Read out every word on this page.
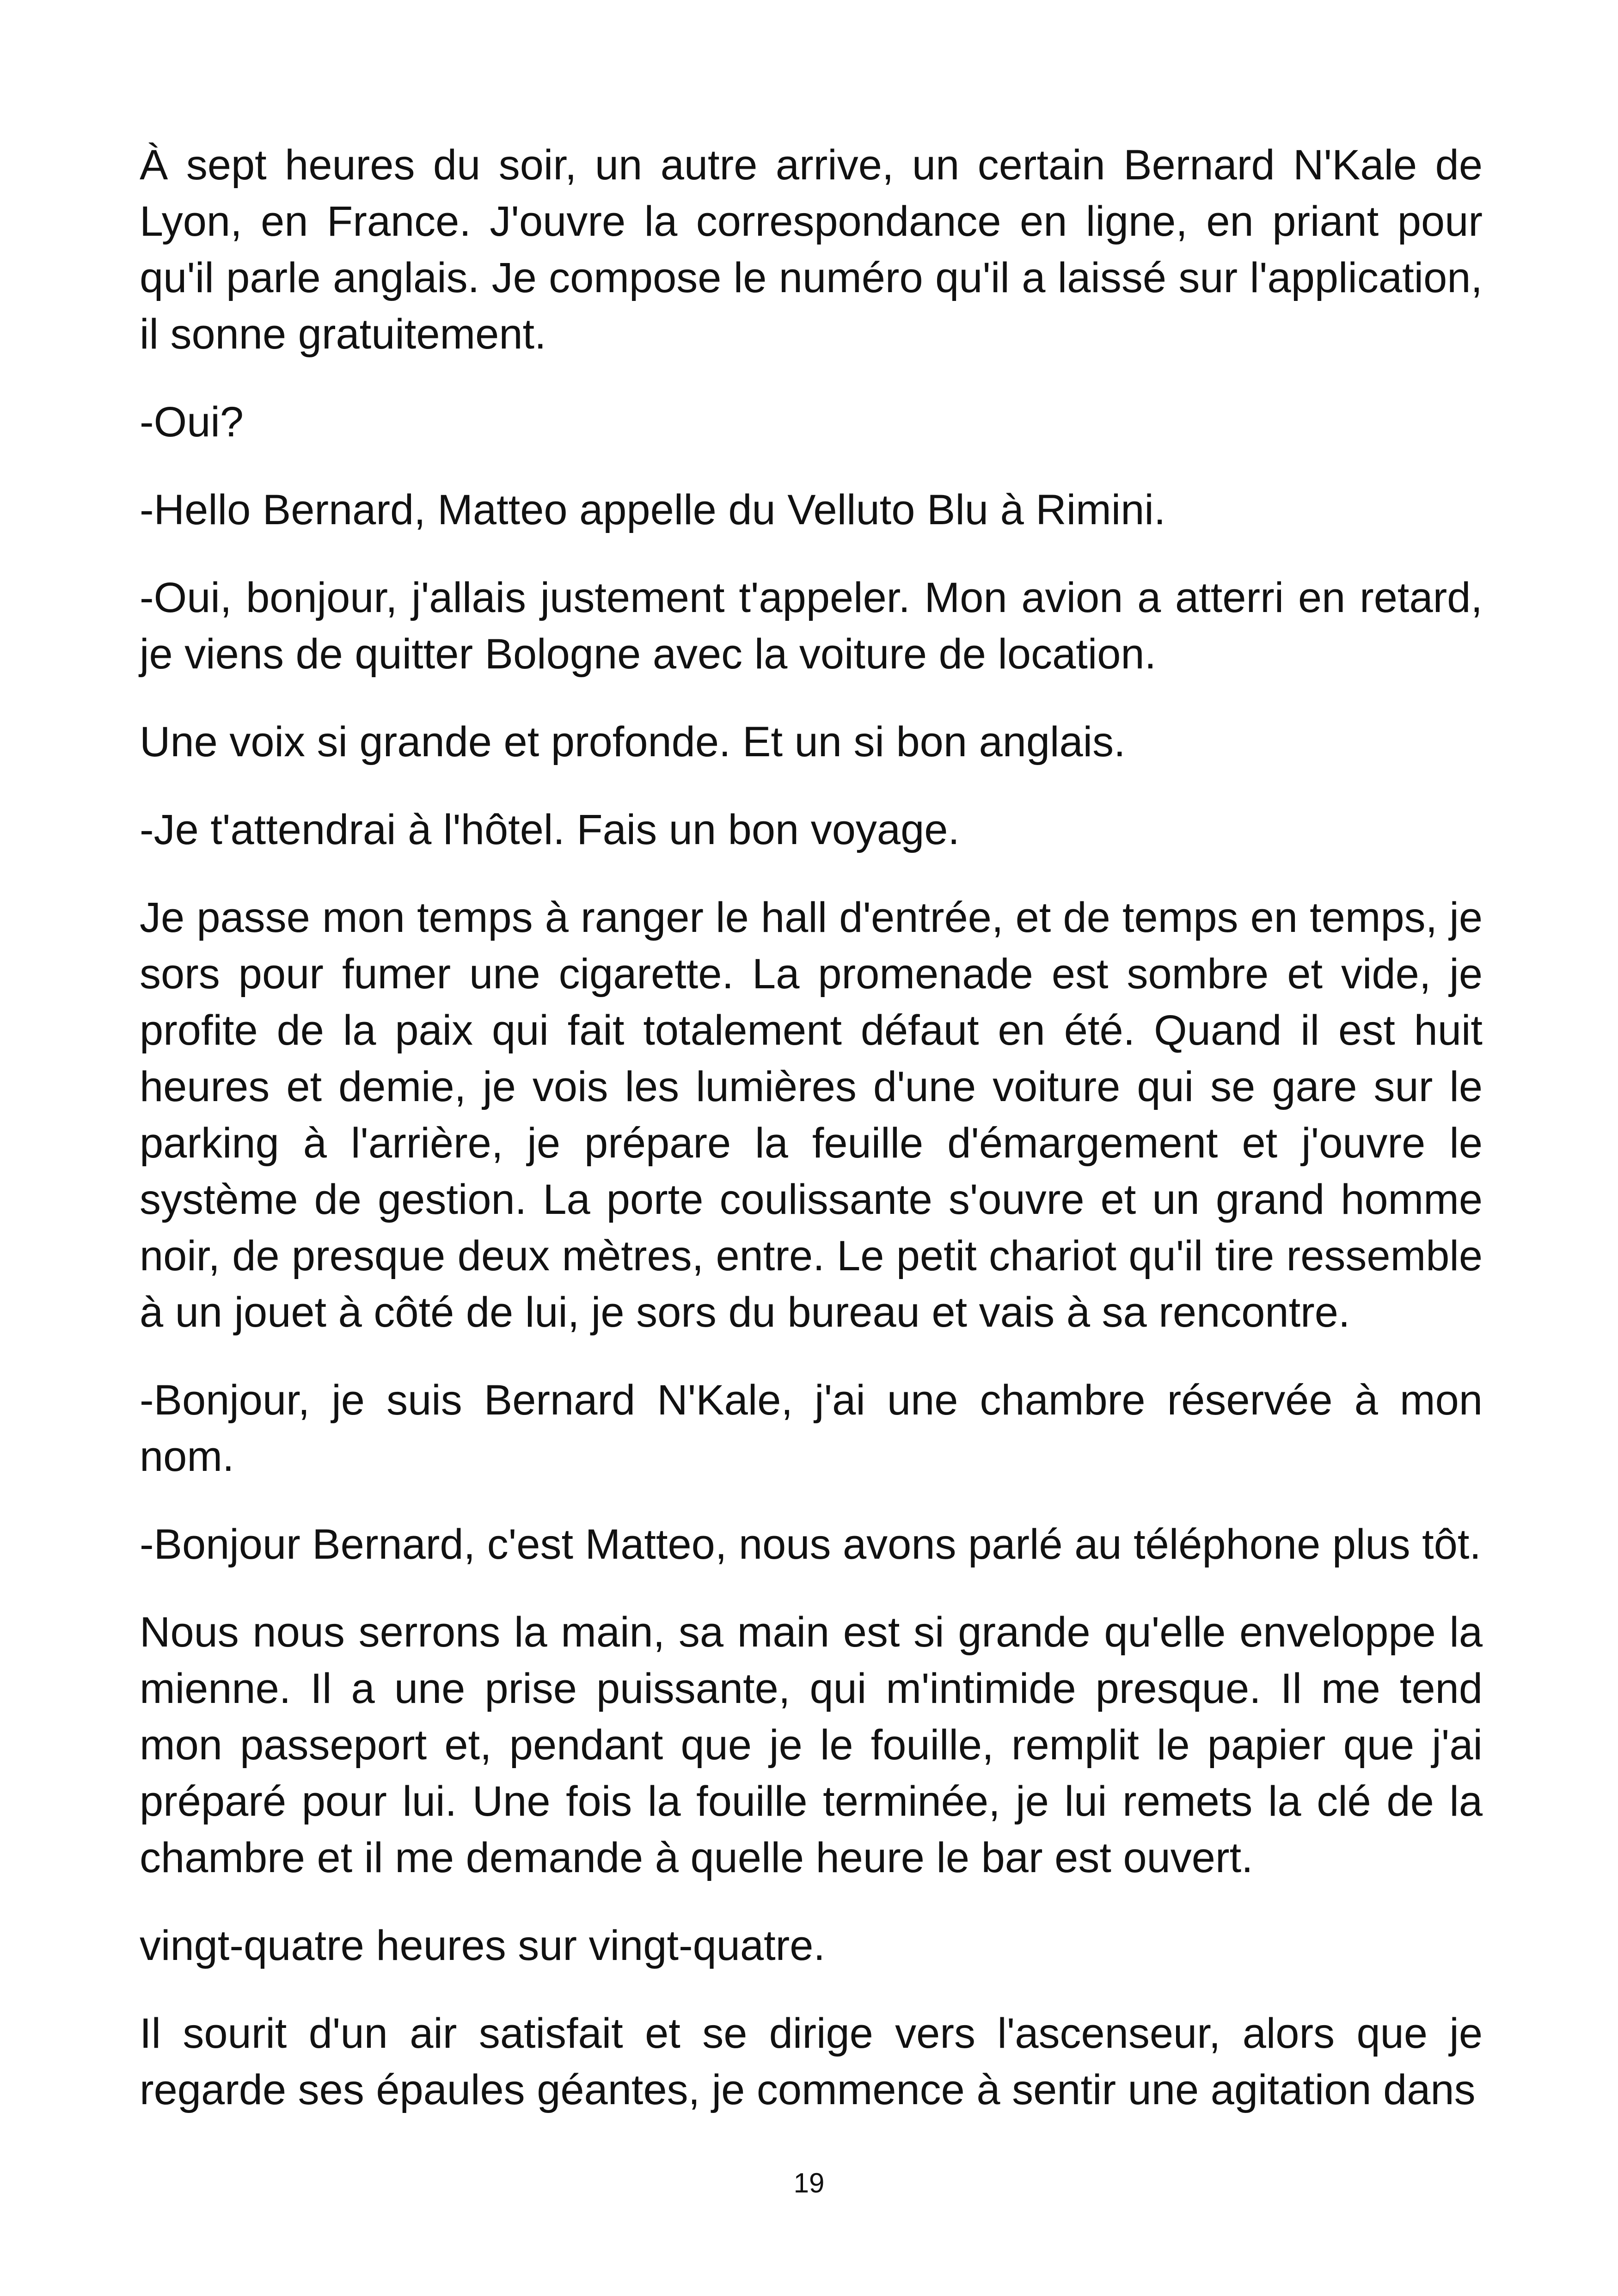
À sept heures du soir, un autre arrive, un certain Bernard N'Kale de Lyon, en France. J'ouvre la correspondance en ligne, en priant pour qu'il parle anglais. Je compose le numéro qu'il a laissé sur l'application, il sonne gratuitement.

-Oui?

-Hello Bernard, Matteo appelle du Velluto Blu à Rimini.

-Oui, bonjour, j'allais justement t'appeler. Mon avion a atterri en retard, je viens de quitter Bologne avec la voiture de location.

Une voix si grande et profonde. Et un si bon anglais.

-Je t'attendrai à l'hôtel. Fais un bon voyage.

Je passe mon temps à ranger le hall d'entrée, et de temps en temps, je sors pour fumer une cigarette. La promenade est sombre et vide, je profite de la paix qui fait totalement défaut en été. Quand il est huit heures et demie, je vois les lumières d'une voiture qui se gare sur le parking à l'arrière, je prépare la feuille d'émargement et j'ouvre le système de gestion. La porte coulissante s'ouvre et un grand homme noir, de presque deux mètres, entre. Le petit chariot qu'il tire ressemble à un jouet à côté de lui, je sors du bureau et vais à sa rencontre.

-Bonjour, je suis Bernard N'Kale, j'ai une chambre réservée à mon nom.

-Bonjour Bernard, c'est Matteo, nous avons parlé au téléphone plus tôt.

Nous nous serrons la main, sa main est si grande qu'elle enveloppe la mienne. Il a une prise puissante, qui m'intimide presque. Il me tend mon passeport et, pendant que je le fouille, remplit le papier que j'ai préparé pour lui. Une fois la fouille terminée, je lui remets la clé de la chambre et il me demande à quelle heure le bar est ouvert.

vingt-quatre heures sur vingt-quatre.

Il sourit d'un air satisfait et se dirige vers l'ascenseur, alors que je regarde ses épaules géantes, je commence à sentir une agitation dans

19
